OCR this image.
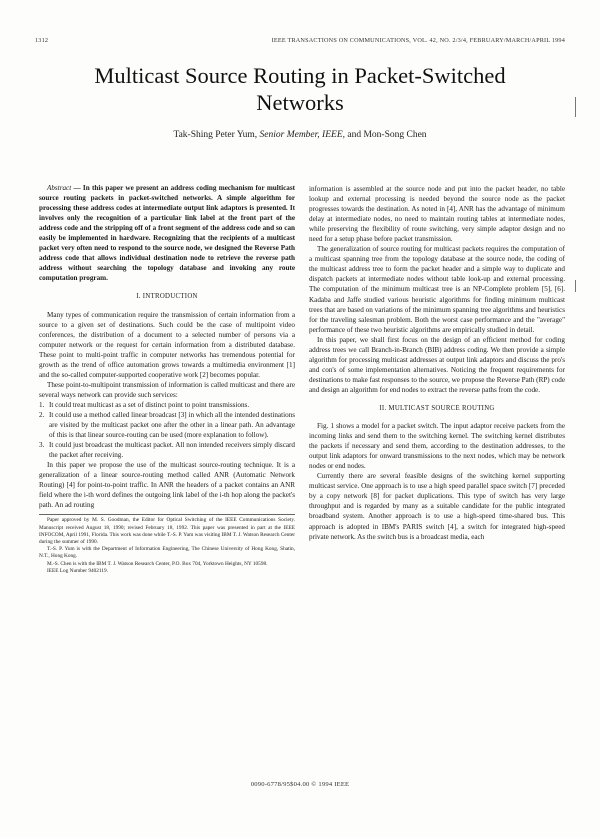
1312	IEEE TRANSACTIONS ON COMMUNICATIONS, VOL. 42, NO. 2/3/4, FEBRUARY/MARCH/APRIL 1994
Multicast Source Routing in Packet-Switched
Networks
Tak-Shing Peter Yum, Senior Member, IEEE, and Mon-Song Chen

Abstract — In this paper we present an address coding mechanism for multicast source routing packets in packet-switched networks. A simple algorithm for processing these address codes at intermediate output link adaptors is presented. It involves only the recognition of a particular link label at the front part of the address code and the stripping off of a front segment of the address code and so can easily be implemented in hardware. Recognizing that the recipients of a multicast packet very often need to respond to the source node, we designed the Reverse Path address code that allows individual destination node to retrieve the reverse path address without searching the topology database and invoking any route computation program.

I. INTRODUCTION

Many types of communication require the transmission of certain information from a source to a given set of destinations. Such could be the case of multipoint video conferences, the distribution of a document to a selected number of persons via a computer network or the request for certain information from a distributed database. These point to multi-point traffic in computer networks has tremendous potential for growth as the trend of office automation grows towards a multimedia environment [1] and the so-called computer-supported cooperative work [2] becomes popular.

These point-to-multipoint transmission of information is called multicast and there are several ways network can provide such services:

1. It could treat multicast as a set of distinct point to point transmissions.
2. It could use a method called linear broadcast [3] in which all the intended destinations are visited by the multicast packet one after the other in a linear path. An advantage of this is that linear source-routing can be used (more explanation to follow).
3. It could just broadcast the multicast packet. All non intended receivers simply discard the packet after receiving.

In this paper we propose the use of the multicast source-routing technique. It is a generalization of a linear source-routing method called ANR (Automatic Network Routing) [4] for point-to-point traffic. In ANR the headers of a packet contains an ANR field where the i-th word defines the outgoing link label of the i-th hop along the packet's path. An ad routing

Paper approved by M. S. Goodman, the Editor for Optical Switching of the IEEE Communications Society. Manuscript received August 18, 1990; revised February 18, 1992. This paper was presented in part at the IEEE INFOCOM, April 1991, Florida. This work was done while T.-S. P. Yum was visiting IBM T. J. Watson Research Center during the summer of 1990.

T.-S. P. Yum is with the Department of Information Engineering, The Chinese University of Hong Kong, Shatin, N.T., Hong Kong.

M.-S. Chen is with the IBM T. J. Watson Research Center, P.O. Box 704, Yorktown Heights, NY 10598.

IEEE Log Number 9402119.

information is assembled at the source node and put into the packet header, no table lookup and external processing is needed beyond the source node as the packet progresses towards the destination. As noted in [4], ANR has the advantage of minimum delay at intermediate nodes, no need to maintain routing tables at intermediate nodes, while preserving the flexibility of route switching, very simple adaptor design and no need for a setup phase before packet transmission.

The generalization of source routing for multicast packets requires the computation of a multicast spanning tree from the topology database at the source node, the coding of the multicast address tree to form the packet header and a simple way to duplicate and dispatch packets at intermediate nodes without table look-up and external processing. The computation of the minimum multicast tree is an NP-Complete problem [5], [6]. Kadaba and Jaffe studied various heuristic algorithms for finding minimum multicast trees that are based on variations of the minimum spanning tree algorithms and heuristics for the traveling salesman problem. Both the worst case performance and the "average" performance of these two heuristic algorithms are empirically studied in detail.

In this paper, we shall first focus on the design of an efficient method for coding address trees we call Branch-in-Branch (BIB) address coding. We then provide a simple algorithm for processing multicast addresses at output link adaptors and discuss the pro's and con's of some implementation alternatives. Noticing the frequent requirements for destinations to make fast responses to the source, we propose the Reverse Path (RP) code and design an algorithm for end nodes to extract the reverse paths from the code.

II. MULTICAST SOURCE ROUTING

Fig. 1 shows a model for a packet switch. The input adaptor receive packets from the incoming links and send them to the switching kernel. The switching kernel distributes the packets if necessary and send them, according to the destination addresses, to the output link adaptors for onward transmissions to the next nodes, which may be network nodes or end nodes.

Currently there are several feasible designs of the switching kernel supporting multicast service. One approach is to use a high speed parallel space switch [7] preceded by a copy network [8] for packet duplications. This type of switch has very large throughput and is regarded by many as a suitable candidate for the public integrated broadband system. Another approach is to use a high-speed time-shared bus. This approach is adopted in IBM's PARIS switch [4], a switch for integrated high-speed private network. As the switch bus is a broadcast media, each

0090-6778/95$04.00 © 1994 IEEE
